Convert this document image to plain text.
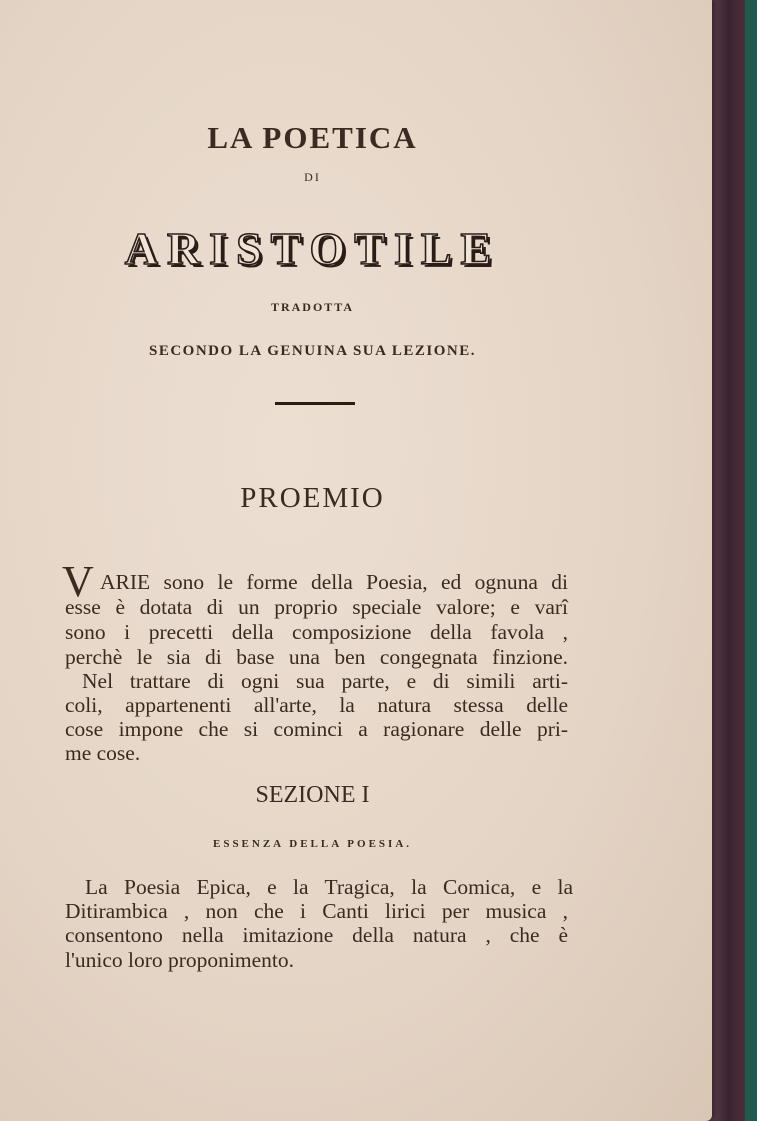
LA POETICA
DI
ARISTOTILE
TRADOTTA
SECONDO LA GENUINA SUA LEZIONE.
PROEMIO
V ARIE sono le forme della Poesia, ed ognuna di
esse è dotata di un proprio speciale valore; e varî
sono i precetti della composizione della favola ,
perchè le sia di base una ben congegnata finzione.
Nel trattare di ogni sua parte, e di simili arti-
coli, appartenenti all'arte, la natura stessa delle
cose impone che si cominci a ragionare delle pri-
me cose.
SEZIONE I
ESSENZA DELLA POESIA.
La Poesia Epica, e la Tragica, la Comica, e la
Ditirambica , non che i Canti lirici per musica ,
consentono nella imitazione della natura , che è
l'unico loro proponimento.
